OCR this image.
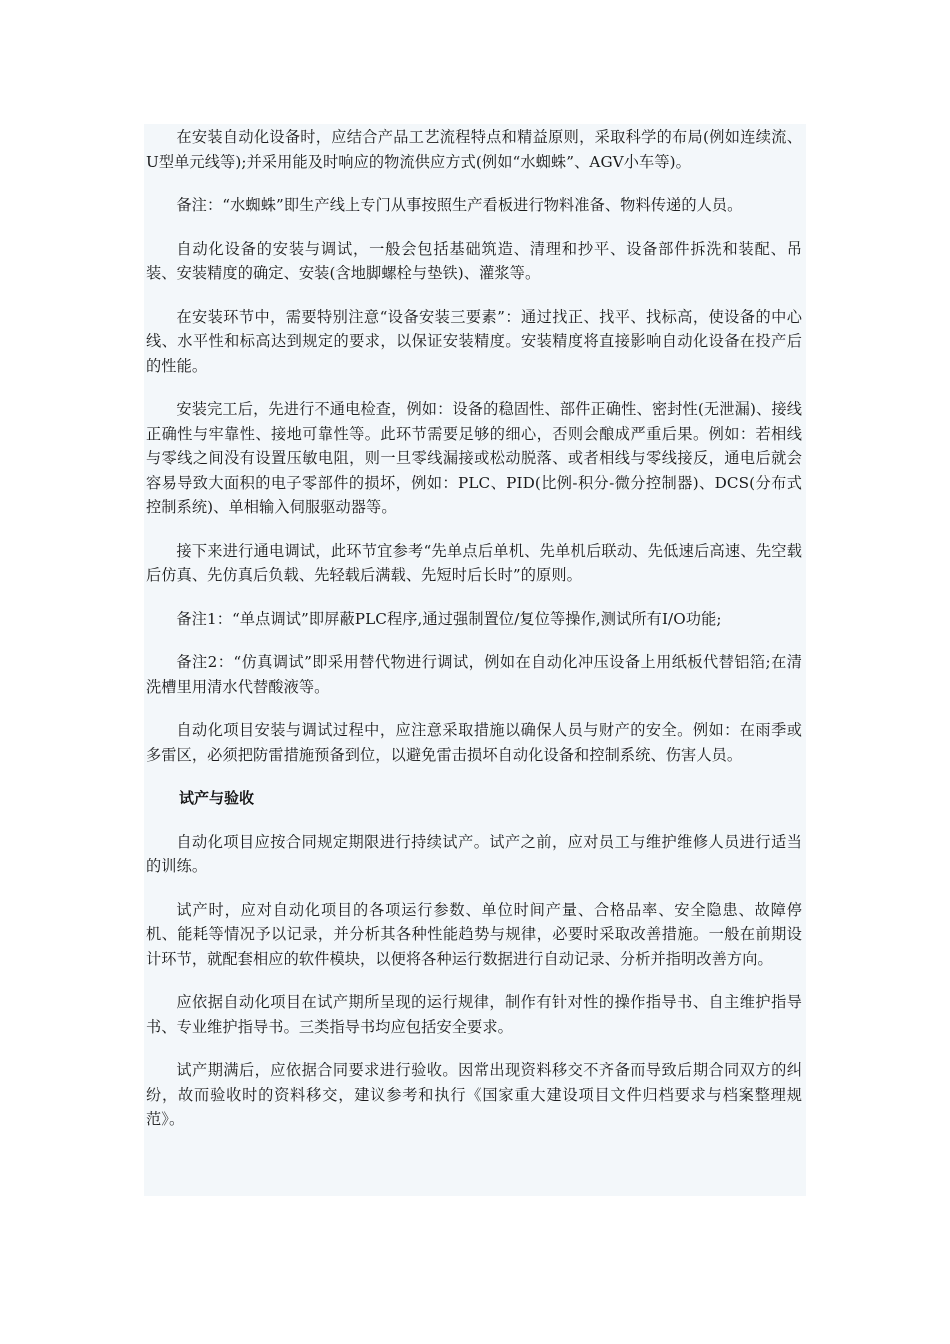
在安装自动化设备时，应结合产品工艺流程特点和精益原则，采取科学的布局(例如连续流、U型单元线等);并采用能及时响应的物流供应方式(例如“水蜘蛛”、AGV小车等)。

备注：“水蜘蛛”即生产线上专门从事按照生产看板进行物料准备、物料传递的人员。

自动化设备的安装与调试，一般会包括基础筑造、清理和抄平、设备部件拆洗和装配、吊装、安装精度的确定、安装(含地脚螺栓与垫铁)、灌浆等。

在安装环节中，需要特别注意“设备安装三要素”：通过找正、找平、找标高，使设备的中心线、水平性和标高达到规定的要求，以保证安装精度。安装精度将直接影响自动化设备在投产后的性能。

安装完工后，先进行不通电检查，例如：设备的稳固性、部件正确性、密封性(无泄漏)、接线正确性与牢靠性、接地可靠性等。此环节需要足够的细心，否则会酿成严重后果。例如：若相线与零线之间没有设置压敏电阻，则一旦零线漏接或松动脱落、或者相线与零线接反，通电后就会容易导致大面积的电子零部件的损坏，例如：PLC、PID(比例-积分-微分控制器)、DCS(分布式控制系统)、单相输入伺服驱动器等。

接下来进行通电调试，此环节宜参考“先单点后单机、先单机后联动、先低速后高速、先空载后仿真、先仿真后负载、先轻载后满载、先短时后长时”的原则。

备注1：“单点调试”即屏蔽PLC程序,通过强制置位/复位等操作,测试所有I/O功能;

备注2：“仿真调试”即采用替代物进行调试，例如在自动化冲压设备上用纸板代替铝箔;在清洗槽里用清水代替酸液等。

自动化项目安装与调试过程中，应注意采取措施以确保人员与财产的安全。例如：在雨季或多雷区，必须把防雷措施预备到位，以避免雷击损坏自动化设备和控制系统、伤害人员。

试产与验收

自动化项目应按合同规定期限进行持续试产。试产之前，应对员工与维护维修人员进行适当的训练。

试产时，应对自动化项目的各项运行参数、单位时间产量、合格品率、安全隐患、故障停机、能耗等情况予以记录，并分析其各种性能趋势与规律，必要时采取改善措施。一般在前期设计环节，就配套相应的软件模块，以便将各种运行数据进行自动记录、分析并指明改善方向。

应依据自动化项目在试产期所呈现的运行规律，制作有针对性的操作指导书、自主维护指导书、专业维护指导书。三类指导书均应包括安全要求。

试产期满后，应依据合同要求进行验收。因常出现资料移交不齐备而导致后期合同双方的纠纷，故而验收时的资料移交，建议参考和执行《国家重大建设项目文件归档要求与档案整理规范》。
